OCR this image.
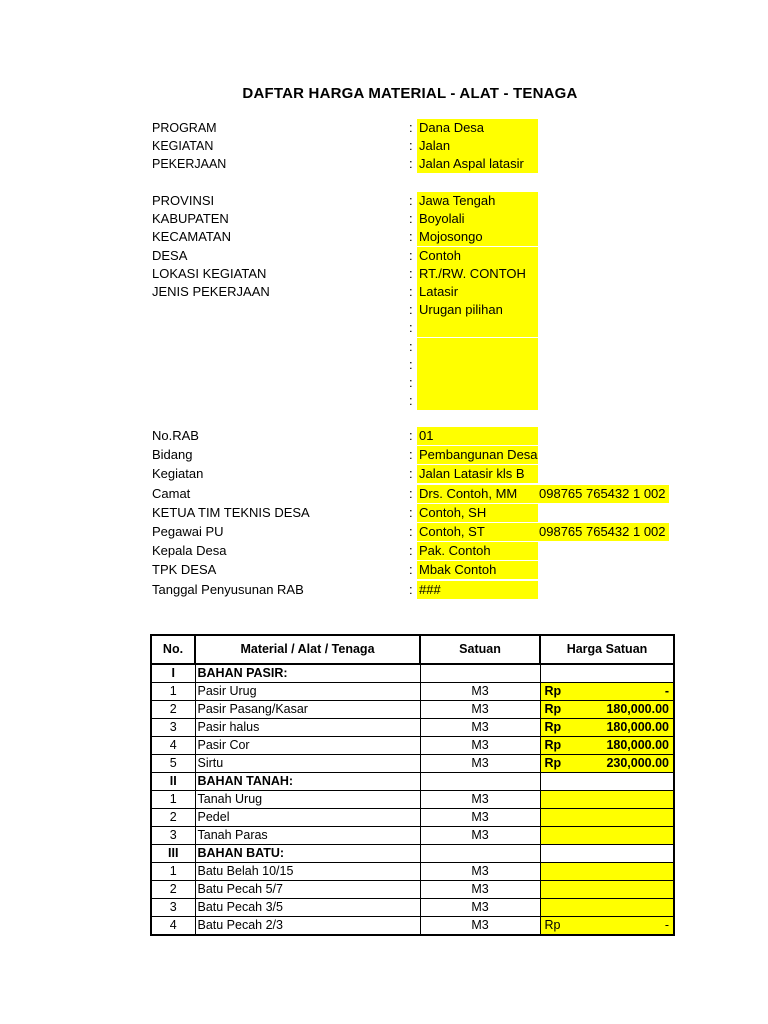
DAFTAR HARGA MATERIAL - ALAT - TENAGA
PROGRAM	: Dana Desa
KEGIATAN	: Jalan
PEKERJAAN	: Jalan Aspal latasir
PROVINSI	: Jawa Tengah
KABUPATEN	: Boyolali
KECAMATAN	: Mojosongo
DESA	: Contoh
LOKASI KEGIATAN	: RT./RW. CONTOH
JENIS PEKERJAAN	: Latasir
: Urugan pilihan
:
:
:
:
:
No.RAB	: 01
Bidang	: Pembangunan Desa
Kegiatan	: Jalan Latasir kls B
Camat	: Drs. Contoh, MM	098765 765432 1 002
KETUA TIM TEKNIS DESA	: Contoh, SH
Pegawai PU	: Contoh, ST	098765 765432 1 002
Kepala Desa	: Pak. Contoh
TPK DESA	: Mbak Contoh
Tanggal Penyusunan RAB	: ###
No.	Material / Alat / Tenaga	Satuan	Harga Satuan
I	BAHAN PASIR:		
1	Pasir Urug	M3	Rp -

2	Pasir Pasang/Kasar	M3	Rp 180,000.00

3	Pasir halus	M3	Rp 180,000.00

4	Pasir Cor	M3	Rp 180,000.00

5	Sirtu	M3	Rp 230,000.00

II	BAHAN TANAH:		
1	Tanah Urug	M3	

2	Pedel	M3	

3	Tanah Paras	M3	

III	BAHAN BATU:		
1	Batu Belah 10/15	M3	

2	Batu Pecah 5/7	M3	

3	Batu Pecah 3/5	M3	

4	Batu Pecah 2/3	M3	Rp -
